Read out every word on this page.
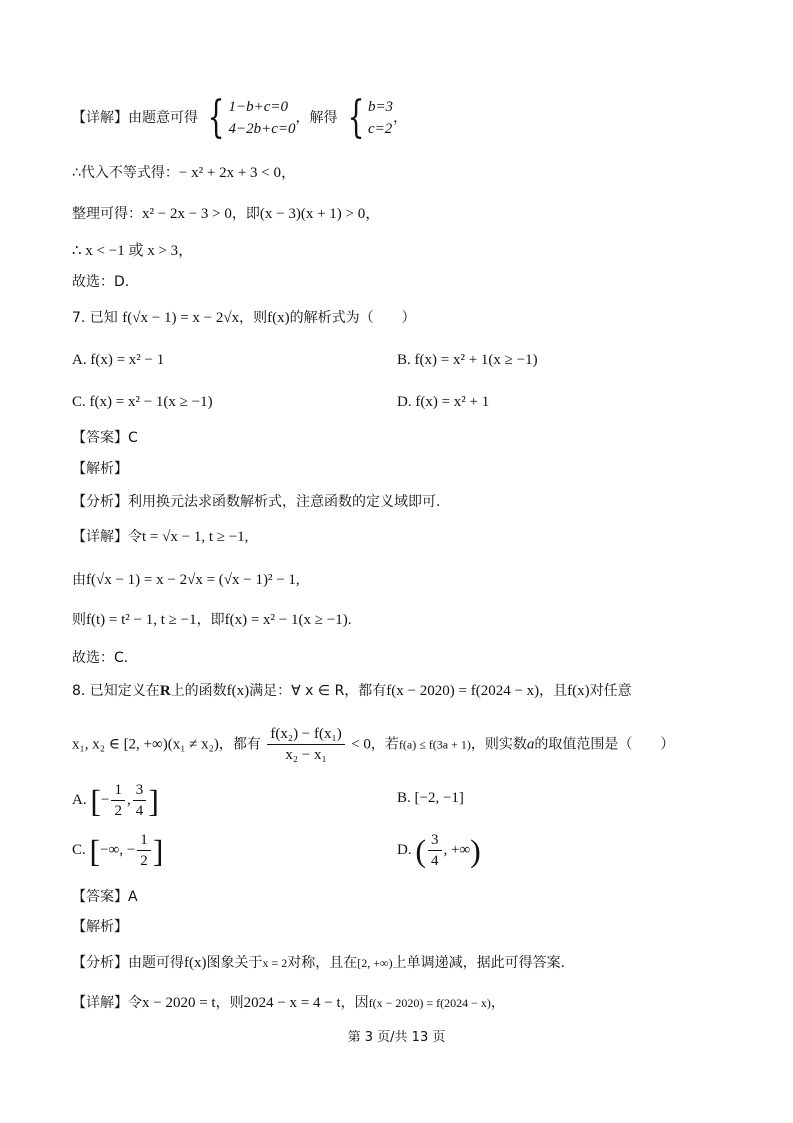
【详解】由题意可得 { 1−b+c=0
4−2b+c=0
，解得 { b=3
c=2
，
∴代入不等式得：− x² + 2x + 3 < 0，
整理可得：x² − 2x − 3 > 0，即(x − 3)(x + 1) > 0，
∴ x < −1 或 x > 3，
故选：D.
7. 已知 f(√x − 1) = x − 2√x，则f(x)的解析式为（　　）
A. f(x) = x² − 1	B. f(x) = x² + 1(x ≥ −1)
C. f(x) = x² − 1(x ≥ −1)	D. f(x) = x² + 1
【答案】C
【解析】
【分析】利用换元法求函数解析式，注意函数的定义域即可.
【详解】令t = √x − 1, t ≥ −1,
由f(√x − 1) = x − 2√x = (√x − 1)² − 1,
则f(t) = t² − 1, t ≥ −1，即f(x) = x² − 1(x ≥ −1).
故选：C.
8. 已知定义在R上的函数f(x)满足：∀ x ∈ R，都有f(x − 2020) = f(2024 − x)，且f(x)对任意
x₁, x₂ ∈ [2, +∞)(x₁ ≠ x₂)，都有 $\frac{\text{f(x₂) − f(x₁)}}{\text{x₂ − x₁}} < 0$，若f(a) ≤ f(3a + 1)，则实数a的取值范围是（　　）
A. [− $\frac{1}{2}$ , $\frac{3}{4}$ ]	B. [−2, −1]
C. [−∞, − $\frac{1}{2}$ ]	D. ( $\frac{3}{4}$ , +∞)
【答案】A
【解析】
【分析】由题可得f(x)图象关于x = 2对称，且在[2, +∞)上单调递减，据此可得答案.
【详解】令x − 2020 = t，则2024 − x = 4 − t，因f(x − 2020) = f(2024 − x)，
第 3 页/共 13 页
